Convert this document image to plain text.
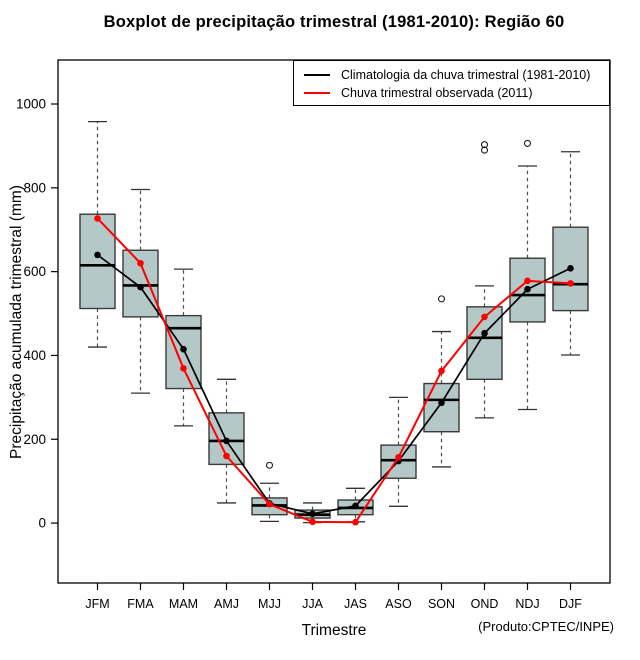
0
200
400
600
800
1000
JFM FMA MAM AMJ MJJ JJA JAS ASO SON OND NDJ DJF
Boxplot de precipitação trimestral (1981-2010): Região 60
Precipitação acumulada trimestral (mm)
Climatologia da chuva trimestral (1981-2010)
Chuva trimestral observada (2011)
Trimestre	(Produto:CPTEC/INPE)
